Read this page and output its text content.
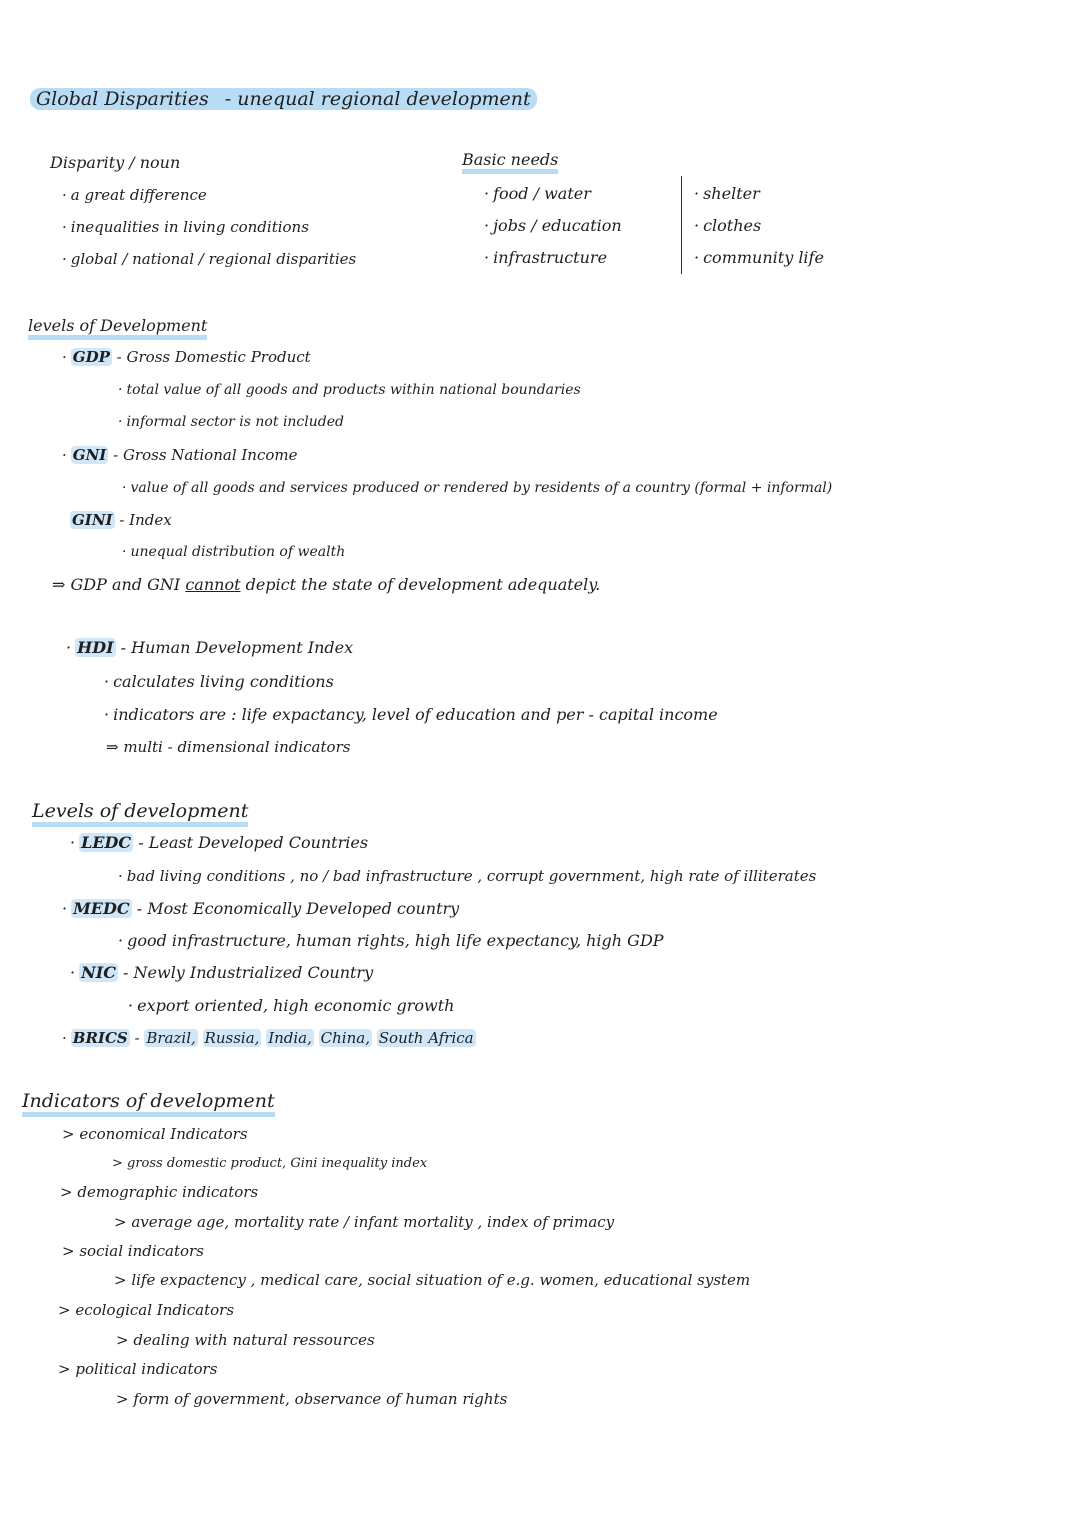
Global Disparities - unequal regional development
Disparity / noun
· a great difference
· inequalities in living conditions
· global / national / regional disparities
Basic needs
· food / water
· jobs / education
· infrastructure
· shelter
· clothes
· community life
levels of Development
· GDP - Gross Domestic Product
· total value of all goods and products within national boundaries
· informal sector is not included
· GNI - Gross National Income
· value of all goods and services produced or rendered by residents of a country (formal + informal)
GINI - Index
· unequal distribution of wealth
⇒ GDP and GNI cannot depict the state of development adequately.
· HDI - Human Development Index
· calculates living conditions
· indicators are : life expactancy, level of education and per - capital income
⇒ multi - dimensional indicators
Levels of development
· LEDC - Least Developed Countries
· bad living conditions , no / bad infrastructure , corrupt government, high rate of illiterates
· MEDC - Most Economically Developed country
· good infrastructure, human rights, high life expectancy, high GDP
· NIC - Newly Industrialized Country
· export oriented, high economic growth
· BRICS - Brazil, Russia, India, China, South Africa
Indicators of development
> economical Indicators
> gross domestic product, Gini inequality index
> demographic indicators
> average age, mortality rate / infant mortality , index of primacy
> social indicators
> life expactency , medical care, social situation of e.g. women, educational system
> ecological Indicators
> dealing with natural ressources
> political indicators
> form of government, observance of human rights
